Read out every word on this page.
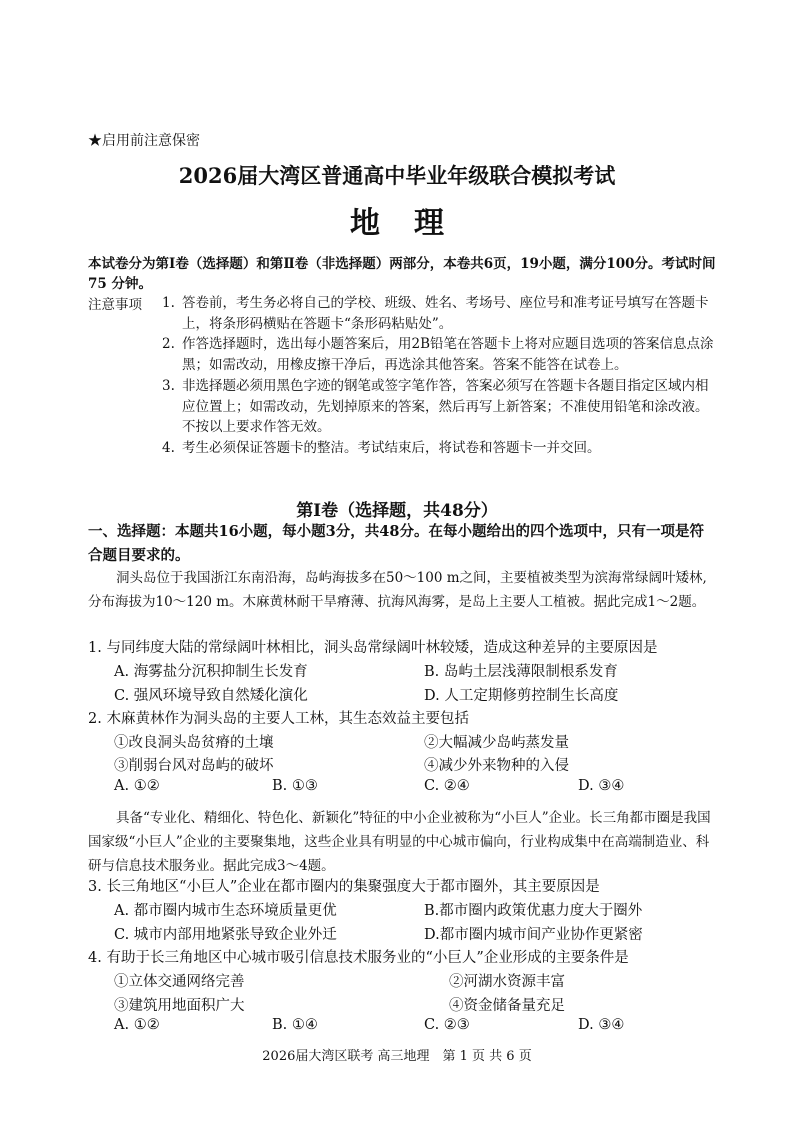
★启用前注意保密
2026届大湾区普通高中毕业年级联合模拟考试
地理
本试卷分为第Ⅰ卷（选择题）和第Ⅱ卷（非选择题）两部分，本卷共6页，19小题，满分100分。考试时间75 分钟。
注意事项 1. 答卷前，考生务必将自己的学校、班级、姓名、考场号、座位号和准考证号填写在答题卡上，将条形码横贴在答题卡“条形码粘贴处”。
2. 作答选择题时，选出每小题答案后，用2B铅笔在答题卡上将对应题目选项的答案信息点涂黑；如需改动，用橡皮擦干净后，再选涂其他答案。答案不能答在试卷上。
3. 非选择题必须用黑色字迹的钢笔或签字笔作答，答案必须写在答题卡各题目指定区域内相应位置上；如需改动，先划掉原来的答案，然后再写上新答案；不准使用铅笔和涂改液。不按以上要求作答无效。
4. 考生必须保证答题卡的整洁。考试结束后，将试卷和答题卡一并交回。
第Ⅰ卷（选择题，共48分）
一、选择题：本题共16小题，每小题3分，共48分。在每小题给出的四个选项中，只有一项是符合题目要求的。
洞头岛位于我国浙江东南沿海，岛屿海拔多在50～100 m之间，主要植被类型为滨海常绿阔叶矮林,分布海拔为10～120 m。木麻黄林耐干旱瘠薄、抗海风海雾，是岛上主要人工植被。据此完成1～2题。
1. 与同纬度大陆的常绿阔叶林相比，洞头岛常绿阔叶林较矮，造成这种差异的主要原因是
A. 海雾盐分沉积抑制生长发育	B. 岛屿土层浅薄限制根系发育
C. 强风环境导致自然矮化演化	D. 人工定期修剪控制生长高度
2. 木麻黄林作为洞头岛的主要人工林，其生态效益主要包括
①改良洞头岛贫瘠的土壤	②大幅减少岛屿蒸发量
③削弱台风对岛屿的破坏	④减少外来物种的入侵
A. ①②	B. ①③	C. ②④	D. ③④
具备“专业化、精细化、特色化、新颖化”特征的中小企业被称为“小巨人”企业。长三角都市圈是我国国家级“小巨人”企业的主要聚集地，这些企业具有明显的中心城市偏向，行业构成集中在高端制造业、科研与信息技术服务业。据此完成3～4题。
3. 长三角地区“小巨人”企业在都市圈内的集聚强度大于都市圈外，其主要原因是
A. 都市圈内城市生态环境质量更优	B.都市圈内政策优惠力度大于圈外
C. 城市内部用地紧张导致企业外迁	D.都市圈内城市间产业协作更紧密
4. 有助于长三角地区中心城市吸引信息技术服务业的“小巨人”企业形成的主要条件是
①立体交通网络完善	②河湖水资源丰富
③建筑用地面积广大	④资金储备量充足
A. ①②	B. ①④	C. ②③	D. ③④
2026届大湾区联考 高三地理　第 1 页 共 6 页
